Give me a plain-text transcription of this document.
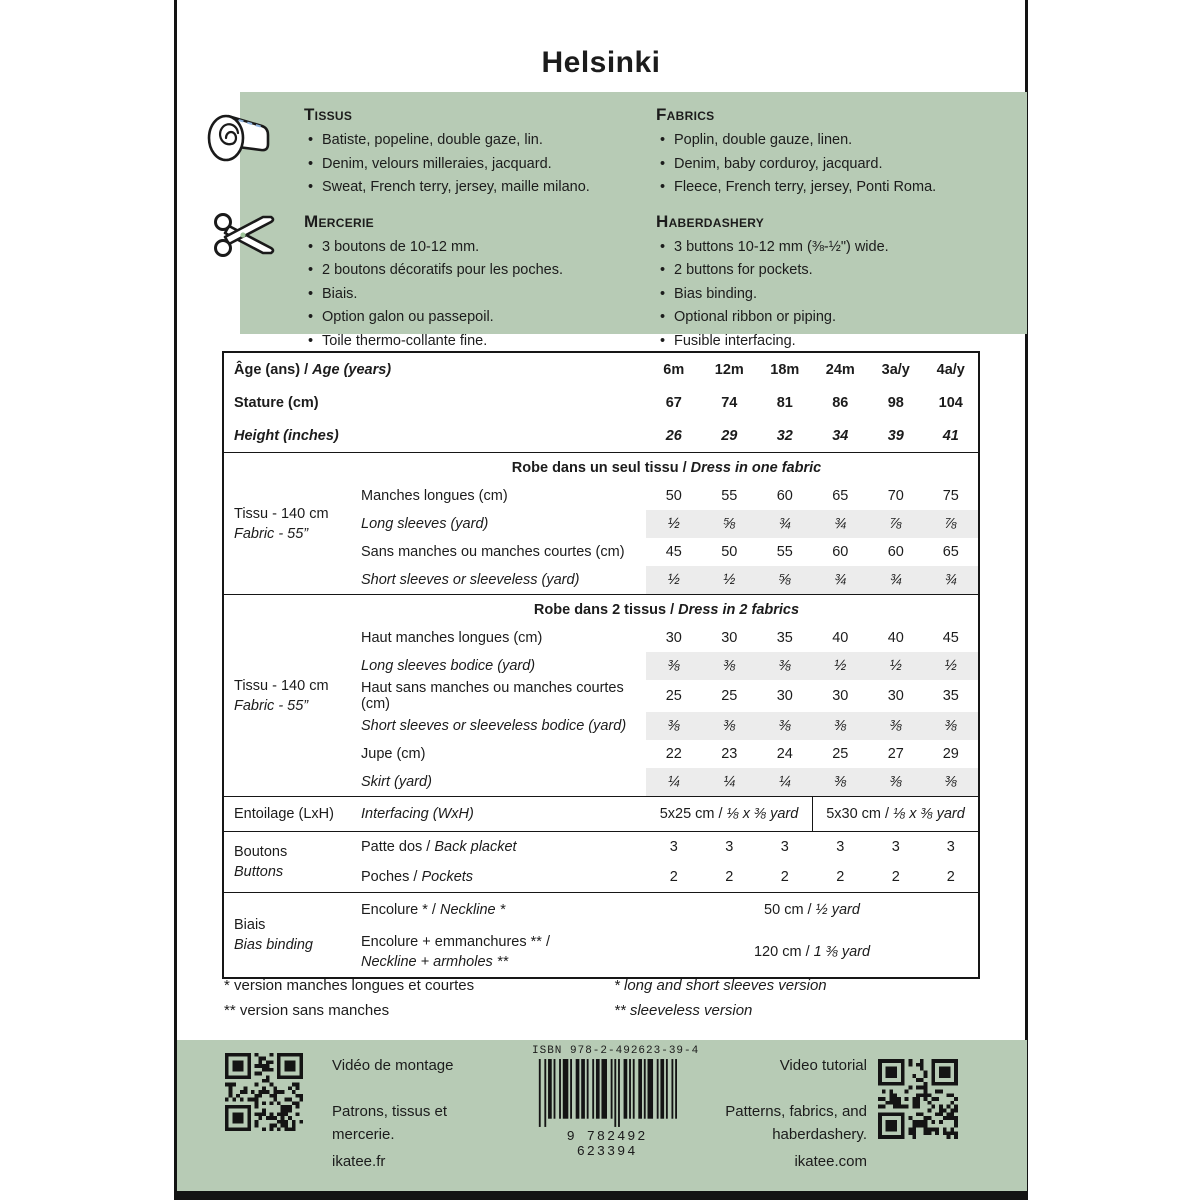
Helsinki
Tissus
• Batiste, popeline, double gaze, lin.
• Denim, velours milleraies, jacquard.
• Sweat, French terry, jersey, maille milano.
Mercerie
• 3 boutons de 10-12 mm.
• 2 boutons décoratifs pour les poches.
• Biais.
• Option galon ou passepoil.
• Toile thermo-collante fine.
Fabrics
• Poplin, double gauze, linen.
• Denim, baby corduroy, jacquard.
• Fleece, French terry, jersey, Ponti Roma.
Haberdashery
• 3 buttons 10-12 mm (⅜-½") wide.
• 2 buttons for pockets.
• Bias binding.
• Optional ribbon or piping.
• Fusible interfacing.
Âge (ans) / Age (years)		6m	12m	18m	24m	3a/y	4a/y
Stature (cm)		67	74	81	86	98	104
Height (inches)		26	29	32	34	39	41
Tissu - 140 cm
Fabric - 55”	Robe dans un seul tissu / Dress in one fabric						
	Manches longues (cm)	50	55	60	65	70	75
	Long sleeves (yard)	½	⅝	¾	¾	⅞	⅞
	Sans manches ou manches courtes (cm)	45	50	55	60	60	65
	Short sleeves or sleeveless (yard)	½	½	⅝	¾	¾	¾
Tissu - 140 cm
Fabric - 55”	Robe dans 2 tissus / Dress in 2 fabrics						
	Haut manches longues (cm)	30	30	35	40	40	45
	Long sleeves bodice (yard)	⅜	⅜	⅜	½	½	½
	Haut sans manches ou manches courtes (cm)	25	25	30	30	30	35
	Short sleeves or sleeveless bodice (yard)	⅜	⅜	⅜	⅜	⅜	⅜
	Jupe (cm)	22	23	24	25	27	29
	Skirt (yard)	¼	¼	¼	⅜	⅜	⅜
Entoilage (LxH)	Interfacing (WxH)	5x25 cm / ⅛ x ⅜ yard			5x30 cm / ⅛ x ⅜ yard		
Boutons
Buttons	Patte dos / Back placket	3	3	3	3	3	3
	Poches / Pockets	2	2	2	2	2	2
Biais
Bias binding	Encolure * / Neckline *	50 cm / ½ yard					
	Encolure + emmanchures ** /
Neckline + armholes **	120 cm / 1 ⅜ yard					
* version manches longues et courtes
** version sans manches
* long and short sleeves version
** sleeveless version
Vidéo de montage
Patrons, tissus et mercerie.
ikatee.fr
ISBN 978-2-492623-39-4
9 782492 623394
Video tutorial
Patterns, fabrics, and haberdashery.
ikatee.com
